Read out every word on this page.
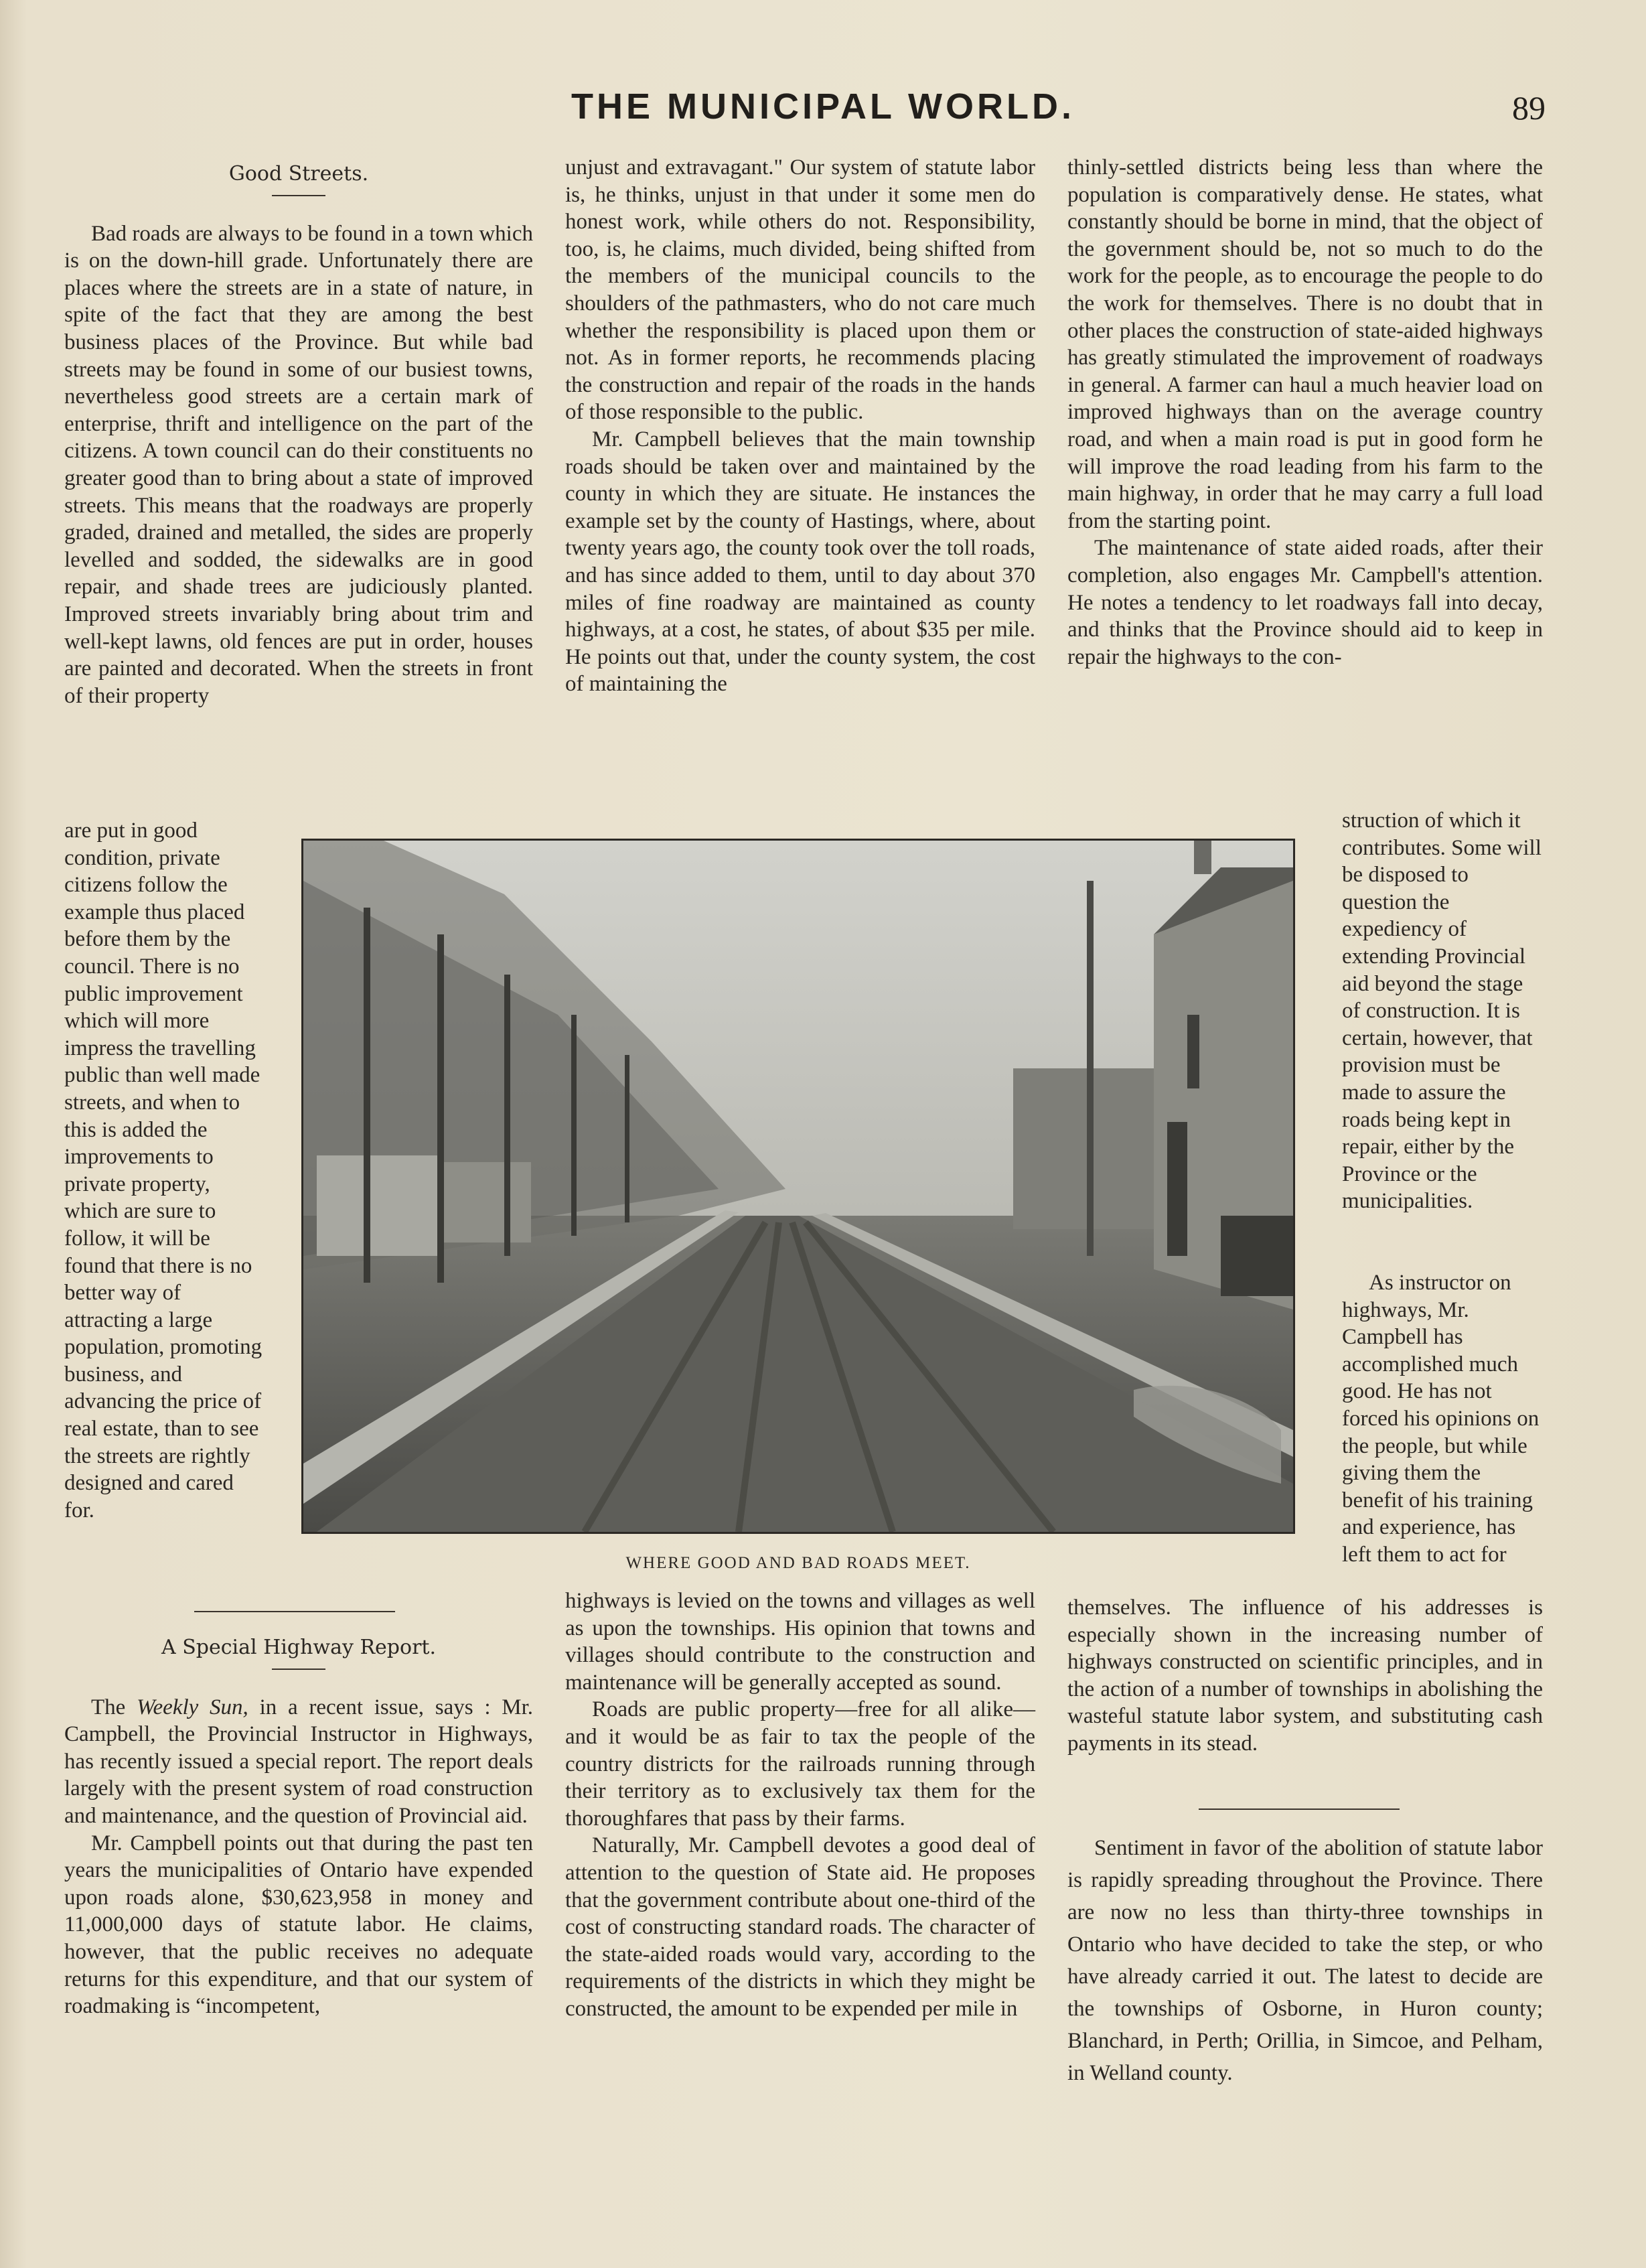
THE MUNICIPAL WORLD.	89
Good Streets.

Bad roads are always to be found in a town which is on the down-hill grade. Unfortunately there are places where the streets are in a state of nature, in spite of the fact that they are among the best business places of the Province. But while bad streets may be found in some of our busiest towns, nevertheless good streets are a certain mark of enterprise, thrift and intelligence on the part of the citizens. A town council can do their constituents no greater good than to bring about a state of improved streets. This means that the roadways are properly graded, drained and metalled, the sides are properly levelled and sodded, the sidewalks are in good repair, and shade trees are judiciously planted. Improved streets invariably bring about trim and well-kept lawns, old fences are put in order, houses are painted and decorated. When the streets in front of their property

are put in good condition, private citizens follow the example thus placed before them by the council. There is no public improvement which will more impress the travelling public than well made streets, and when to this is added the improvements to private property, which are sure to follow, it will be found that there is no better way of attracting a large population, promoting business, and advancing the price of real estate, than to see the streets are rightly designed and cared for.

unjust and extravagant." Our system of statute labor is, he thinks, unjust in that under it some men do honest work, while others do not. Responsibility, too, is, he claims, much divided, being shifted from the members of the municipal councils to the shoulders of the pathmasters, who do not care much whether the responsibility is placed upon them or not. As in former reports, he recommends placing the construction and repair of the roads in the hands of those responsible to the public.

Mr. Campbell believes that the main township roads should be taken over and maintained by the county in which they are situate. He instances the example set by the county of Hastings, where, about twenty years ago, the county took over the toll roads, and has since added to them, until to day about 370 miles of fine roadway are maintained as county highways, at a cost, he states, of about $35 per mile. He points out that, under the county system, the cost of maintaining the

thinly-settled districts being less than where the population is comparatively dense. He states, what constantly should be borne in mind, that the object of the government should be, not so much to do the work for the people, as to encourage the people to do the work for themselves. There is no doubt that in other places the construction of state-aided highways has greatly stimulated the improvement of roadways in general. A farmer can haul a much heavier load on improved highways than on the average country road, and when a main road is put in good form he will improve the road leading from his farm to the main highway, in order that he may carry a full load from the starting point.

The maintenance of state aided roads, after their completion, also engages Mr. Campbell's attention. He notes a tendency to let roadways fall into decay, and thinks that the Province should aid to keep in repair the highways to the con-

struction of which it contributes. Some will be disposed to question the expediency of extending Provincial aid beyond the stage of construction. It is certain, however, that provision must be made to assure the roads being kept in repair, either by the Province or the municipalities.

As instructor on highways, Mr. Campbell has accomplished much good. He has not forced his opinions on the people, but while giving them the benefit of his training and experience, has left them to act for

WHERE GOOD AND BAD ROADS MEET.
A Special Highway Report.

The Weekly Sun, in a recent issue, says : Mr. Campbell, the Provincial Instructor in Highways, has recently issued a special report. The report deals largely with the present system of road construction and maintenance, and the question of Provincial aid.

Mr. Campbell points out that during the past ten years the municipalities of Ontario have expended upon roads alone, $30,623,958 in money and 11,000,000 days of statute labor. He claims, however, that the public receives no adequate returns for this expenditure, and that our system of roadmaking is “incompetent,

highways is levied on the towns and villages as well as upon the townships. His opinion that towns and villages should contribute to the construction and maintenance will be generally accepted as sound.

Roads are public property—free for all alike—and it would be as fair to tax the people of the country districts for the railroads running through their territory as to exclusively tax them for the thoroughfares that pass by their farms.

Naturally, Mr. Campbell devotes a good deal of attention to the question of State aid. He proposes that the government contribute about one-third of the cost of constructing standard roads. The character of the state-aided roads would vary, according to the requirements of the districts in which they might be constructed, the amount to be expended per mile in

themselves. The influence of his addresses is especially shown in the increasing number of highways constructed on scientific principles, and in the action of a number of townships in abolishing the wasteful statute labor system, and substituting cash payments in its stead.

Sentiment in favor of the abolition of statute labor is rapidly spreading throughout the Province. There are now no less than thirty-three townships in Ontario who have decided to take the step, or who have already carried it out. The latest to decide are the townships of Osborne, in Huron county; Blanchard, in Perth; Orillia, in Simcoe, and Pelham, in Welland county.
